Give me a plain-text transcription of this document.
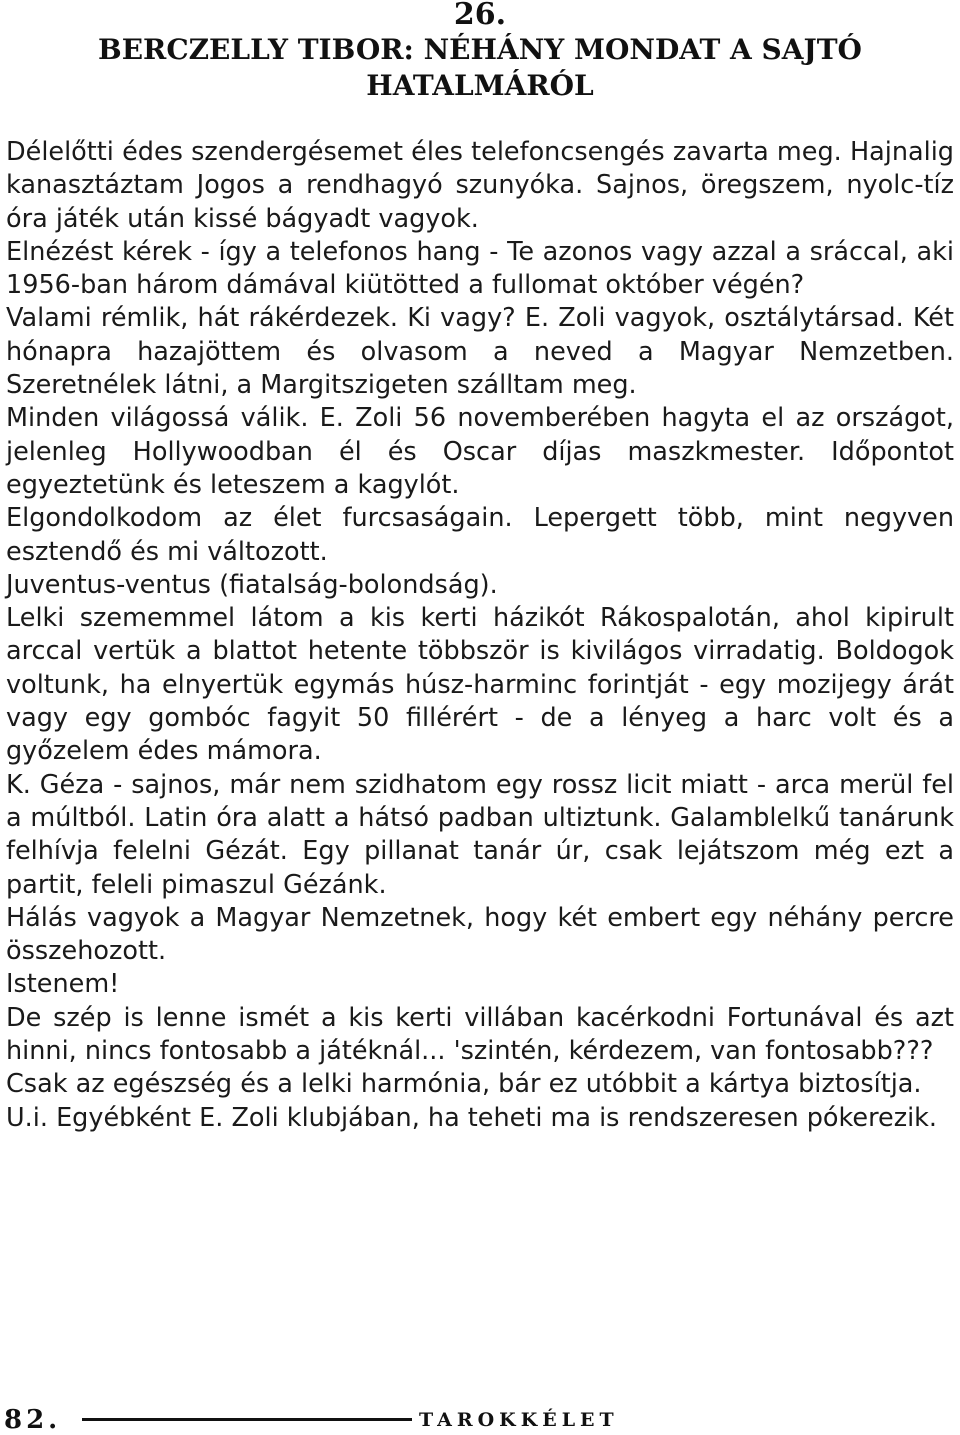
26.
BERCZELLY TIBOR: NÉHÁNY MONDAT A SAJTÓ HATALMÁRÓL

Délelőtti édes szendergésemet éles telefoncsengés zavarta meg. Hajnalig kanasztáztam Jogos a rendhagyó szunyóka. Sajnos, öregszem, nyolc-tíz óra játék után kissé bágyadt vagyok.

Elnézést kérek - így a telefonos hang - Te azonos vagy azzal a sráccal, aki 1956-ban három dámával kiütötted a fullomat október végén?

Valami rémlik, hát rákérdezek. Ki vagy? E. Zoli vagyok, osztálytársad. Két hónapra hazajöttem és olvasom a neved a Magyar Nemzetben. Szeretnélek látni, a Margitszigeten szálltam meg.

Minden világossá válik. E. Zoli 56 novemberében hagyta el az országot, jelenleg Hollywoodban él és Oscar díjas maszkmester. Időpontot egyeztetünk és leteszem a kagylót.

Elgondolkodom az élet furcsaságain. Lepergett több, mint negyven esztendő és mi változott.

Juventus-ventus (fiatalság-bolondság).

Lelki szememmel látom a kis kerti házikót Rákospalotán, ahol kipirult arccal vertük a blattot hetente többször is kivilágos virradatig. Boldogok voltunk, ha elnyertük egymás húsz-harminc forintját - egy mozijegy árát vagy egy gombóc fagyit 50 fillérért - de a lényeg a harc volt és a győzelem édes mámora.

K. Géza - sajnos, már nem szidhatom egy rossz licit miatt - arca merül fel a múltból. Latin óra alatt a hátsó padban ultiztunk. Galamblelkű tanárunk felhívja felelni Gézát. Egy pillanat tanár úr, csak lejátszom még ezt a partit, feleli pimaszul Gézánk.

Hálás vagyok a Magyar Nemzetnek, hogy két embert egy néhány percre összehozott.

Istenem!

De szép is lenne ismét a kis kerti villában kacérkodni Fortunával és azt hinni, nincs fontosabb a játéknál... 'szintén, kérdezem, van fontosabb???

Csak az egészség és a lelki harmónia, bár ez utóbbit a kártya biztosítja.

U.i. Egyébként E. Zoli klubjában, ha teheti ma is rendszeresen pókerezik.

82.	TAROKKÉLET
